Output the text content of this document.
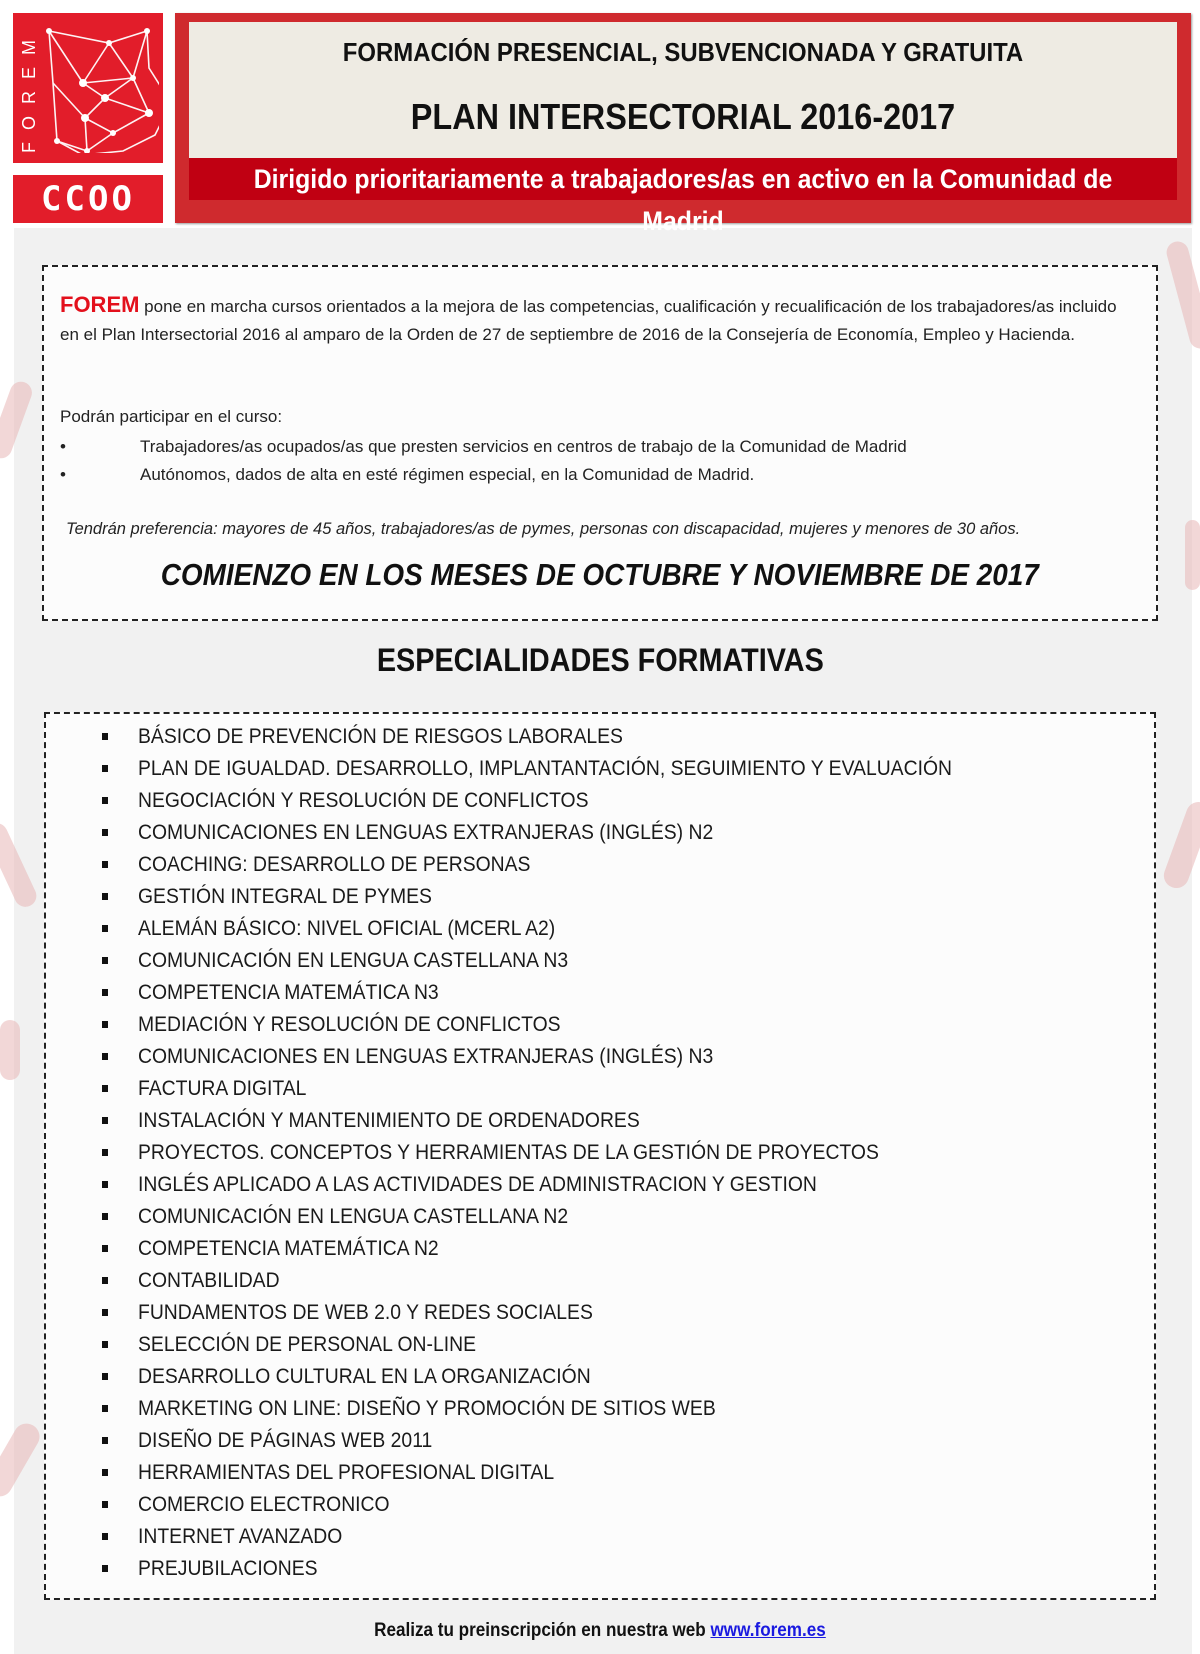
FOREM
CCOO
FORMACIÓN PRESENCIAL, SUBVENCIONADA Y GRATUITA
PLAN INTERSECTORIAL 2016-2017
Dirigido prioritariamente a trabajadores/as en activo en la Comunidad de Madrid

FOREM pone en marcha cursos orientados a la mejora de las competencias, cualificación y recualificación de los trabajadores/as incluido en el Plan Intersectorial 2016 al amparo de la Orden de 27 de septiembre de 2016 de la Consejería de Economía, Empleo y Hacienda.

Podrán participar en el curso:

•	Trabajadores/as ocupados/as que presten servicios en centros de trabajo de la Comunidad de Madrid
•	Autónomos, dados de alta en esté régimen especial, en la Comunidad de Madrid.

Tendrán preferencia: mayores de 45 años, trabajadores/as de pymes, personas con discapacidad, mujeres y menores de 30 años.

COMIENZO EN LOS MESES DE OCTUBRE Y NOVIEMBRE DE 2017
ESPECIALIDADES FORMATIVAS
BÁSICO DE PREVENCIÓN DE RIESGOS LABORALES
PLAN DE IGUALDAD. DESARROLLO, IMPLANTANTACIÓN, SEGUIMIENTO Y EVALUACIÓN
NEGOCIACIÓN Y RESOLUCIÓN DE CONFLICTOS
COMUNICACIONES EN LENGUAS EXTRANJERAS (INGLÉS) N2
COACHING: DESARROLLO DE PERSONAS
GESTIÓN INTEGRAL DE PYMES
ALEMÁN BÁSICO: NIVEL OFICIAL (MCERL A2)
COMUNICACIÓN EN LENGUA CASTELLANA N3
COMPETENCIA MATEMÁTICA N3
MEDIACIÓN Y RESOLUCIÓN DE CONFLICTOS
COMUNICACIONES EN LENGUAS EXTRANJERAS (INGLÉS) N3
FACTURA DIGITAL
INSTALACIÓN Y MANTENIMIENTO DE ORDENADORES
PROYECTOS. CONCEPTOS Y HERRAMIENTAS DE LA GESTIÓN DE PROYECTOS
INGLÉS APLICADO A LAS ACTIVIDADES DE ADMINISTRACION Y GESTION
COMUNICACIÓN EN LENGUA CASTELLANA N2
COMPETENCIA MATEMÁTICA N2
CONTABILIDAD
FUNDAMENTOS DE WEB 2.0 Y REDES SOCIALES
SELECCIÓN DE PERSONAL ON-LINE
DESARROLLO CULTURAL EN LA ORGANIZACIÓN
MARKETING ON LINE: DISEÑO Y PROMOCIÓN DE SITIOS WEB
DISEÑO DE PÁGINAS WEB 2011
HERRAMIENTAS DEL PROFESIONAL DIGITAL
COMERCIO ELECTRONICO
INTERNET AVANZADO
PREJUBILACIONES
Realiza tu preinscripción en nuestra web www.forem.es
